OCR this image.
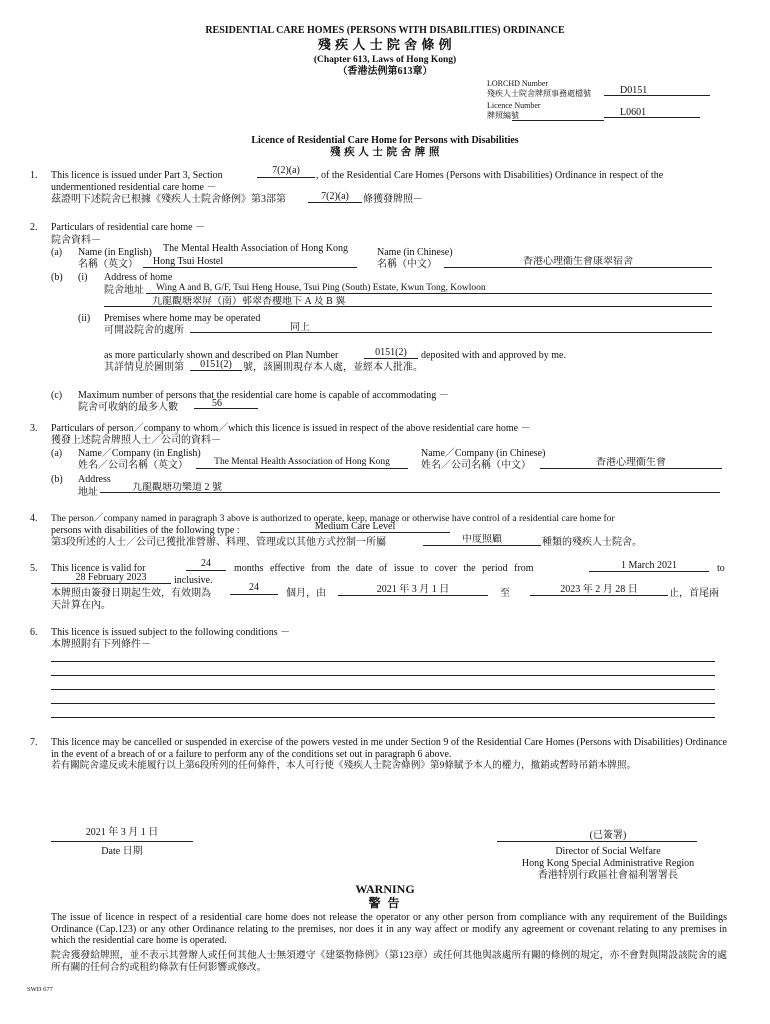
RESIDENTIAL CARE HOMES (PERSONS WITH DISABILITIES) ORDINANCE
殘 疾 人 士 院 舍 條 例
(Chapter 613, Laws of Hong Kong)
（香港法例第613章）
LORCHD Number
殘疾人士院舍牌照事務處檔號	D0151
Licence Number
牌照編號	L0601
Licence of Residential Care Home for Persons with Disabilities
殘 疾 人 士 院 舍 牌 照
1. This licence is issued under Part 3, Section	7(2)(a)	, of the Residential Care Homes (Persons with Disabilities) Ordinance in respect of the
undermentioned residential care home －
茲證明下述院舍已根據《殘疾人士院舍條例》第3部第	7(2)(a)	條獲發牌照－
2. Particulars of residential care home －
院舍資料－
(a) Name (in English) The Mental Health Association of Hong Kong
名稱（英文）	Hong Tsui Hostel
Name (in Chinese)
名稱（中文）	香港心理衞生會康翠宿舍
(b) (i) Address of home
院舍地址	Wing A and B, G/F, Tsui Heng House, Tsui Ping (South) Estate, Kwun Tong, Kowloon
九龍觀塘翠屏（南）邨翠杏樓地下 A 及 B 翼
(ii) Premises where home may be operated
可開設院舍的處所	同上
as more particularly shown and described on Plan Number	0151(2)	deposited with and approved by me.
其詳情見於圖則第	0151(2)	號，該圖則現存本人處，並經本人批准。
(c) Maximum number of persons that the residential care home is capable of accommodating －
院舍可收納的最多人數	56
3. Particulars of person／company to whom／which this licence is issued in respect of the above residential care home －
獲發上述院舍牌照人士／公司的資料－
(a) Name／Company (in English)
姓名／公司名稱（英文）	The Mental Health Association of Hong Kong
Name／Company (in Chinese)
姓名／公司名稱（中文）	香港心理衞生會
(b) Address
地址	九龍觀塘功樂道 2 號
4. The person／company named in paragraph 3 above is authorized to operate, keep, manage or otherwise have control of a residential care home for
persons with disabilities of the following type :	Medium Care Level
第3段所述的人士／公司已獲批准營辦、料理、管理或以其他方式控制一所屬	中度照顧	種類的殘疾人士院舍。
5. This licence is valid for	24	months effective from the date of issue to cover the period from	1 March 2021	to
28 February 2023	inclusive.
本牌照由簽發日期起生效，有效期為
24
個月，由	2021 年 3 月 1 日	至	2023 年 2 月 28 日	止，首尾兩
天計算在內。
6. This licence is issued subject to the following conditions －
本牌照附有下列條件－
7. This licence may be cancelled or suspended in exercise of the powers vested in me under Section 9 of the Residential Care Homes (Persons with Disabilities) Ordinance in the event of a breach of or a failure to perform any of the conditions set out in paragraph 6 above.
若有關院舍違反或未能履行以上第6段所列的任何條件，本人可行使《殘疾人士院舍條例》第9條賦予本人的權力，撤銷或暫時吊銷本牌照。
2021 年 3 月 1 日
Date 日期
(已簽署)
Director of Social Welfare
Hong Kong Special Administrative Region
香港特別行政區社會福利署署長
WARNING
警 告
The issue of licence in respect of a residential care home does not release the operator or any other person from compliance with any requirement of the Buildings Ordinance (Cap.123) or any other Ordinance relating to the premises, nor does it in any way affect or modify any agreement or covenant relating to any premises in which the residential care home is operated.
院舍獲發給牌照，並不表示其營辦人或任何其他人士無須遵守《建築物條例》（第123章）或任何其他與該處所有關的條例的規定，亦不會對與開設該院舍的處所有關的任何合約或租約條款有任何影響或修改。
SWD 677
